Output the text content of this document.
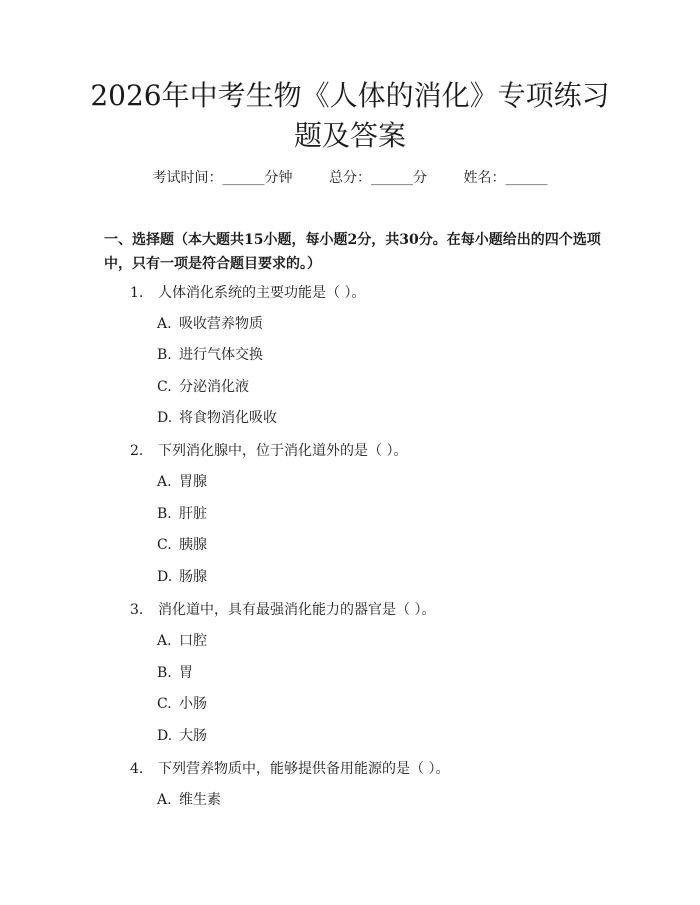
2026年中考生物《人体的消化》专项练习题及答案
考试时间：______分钟	总分：______分	姓名：______

一、选择题（本大题共15小题，每小题2分，共30分。在每小题给出的四个选项中，只有一项是符合题目要求的。）

1. 人体消化系统的主要功能是（ ）。
A. 吸收营养物质
B. 进行气体交换
C. 分泌消化液
D. 将食物消化吸收
2. 下列消化腺中，位于消化道外的是（ ）。
A. 胃腺
B. 肝脏
C. 胰腺
D. 肠腺
3. 消化道中，具有最强消化能力的器官是（ ）。
A. 口腔
B. 胃
C. 小肠
D. 大肠
4. 下列营养物质中，能够提供备用能源的是（ ）。
A. 维生素
